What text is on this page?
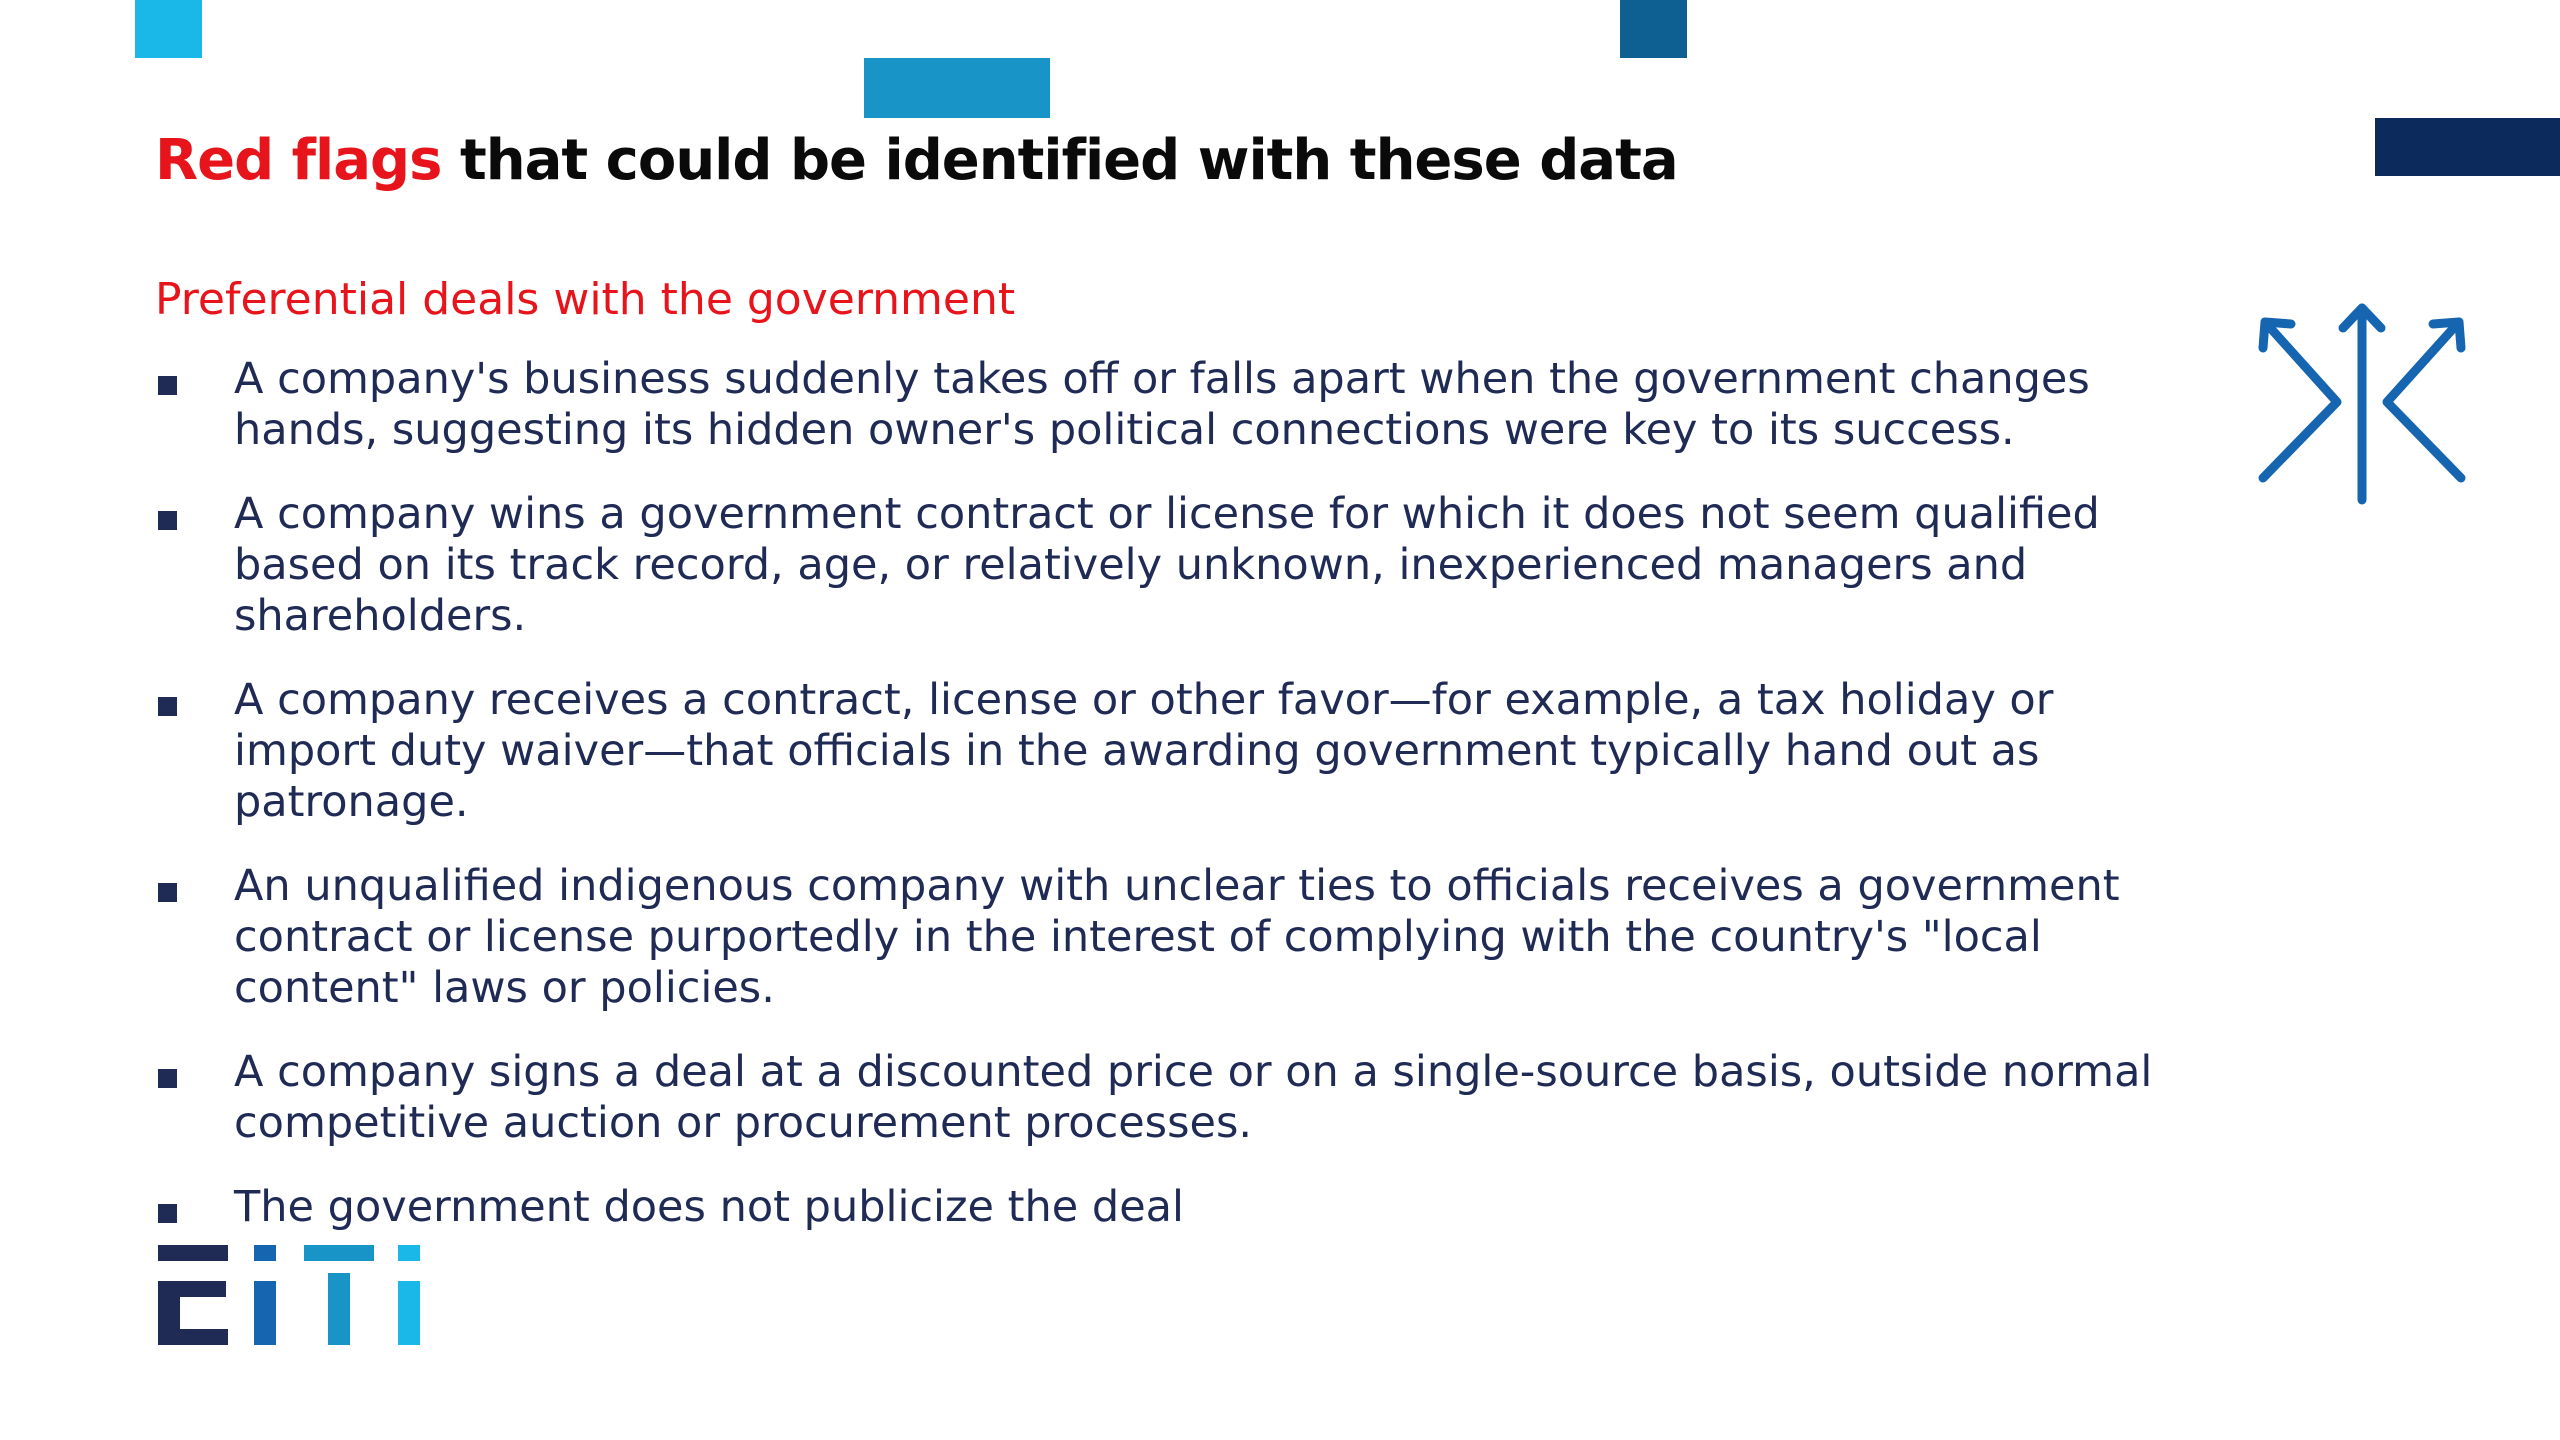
Red flags that could be identified with these data

Preferential deals with the government

A company's business suddenly takes off or falls apart when the government changes hands, suggesting its hidden owner's political connections were key to its success.
A company wins a government contract or license for which it does not seem qualified based on its track record, age, or relatively unknown, inexperienced managers and shareholders.
A company receives a contract, license or other favor—for example, a tax holiday or import duty waiver—that officials in the awarding government typically hand out as patronage.
An unqualified indigenous company with unclear ties to officials receives a government contract or license purportedly in the interest of complying with the country's "local content" laws or policies.
A company signs a deal at a discounted price or on a single-source basis, outside normal competitive auction or procurement processes.
The government does not publicize the deal
